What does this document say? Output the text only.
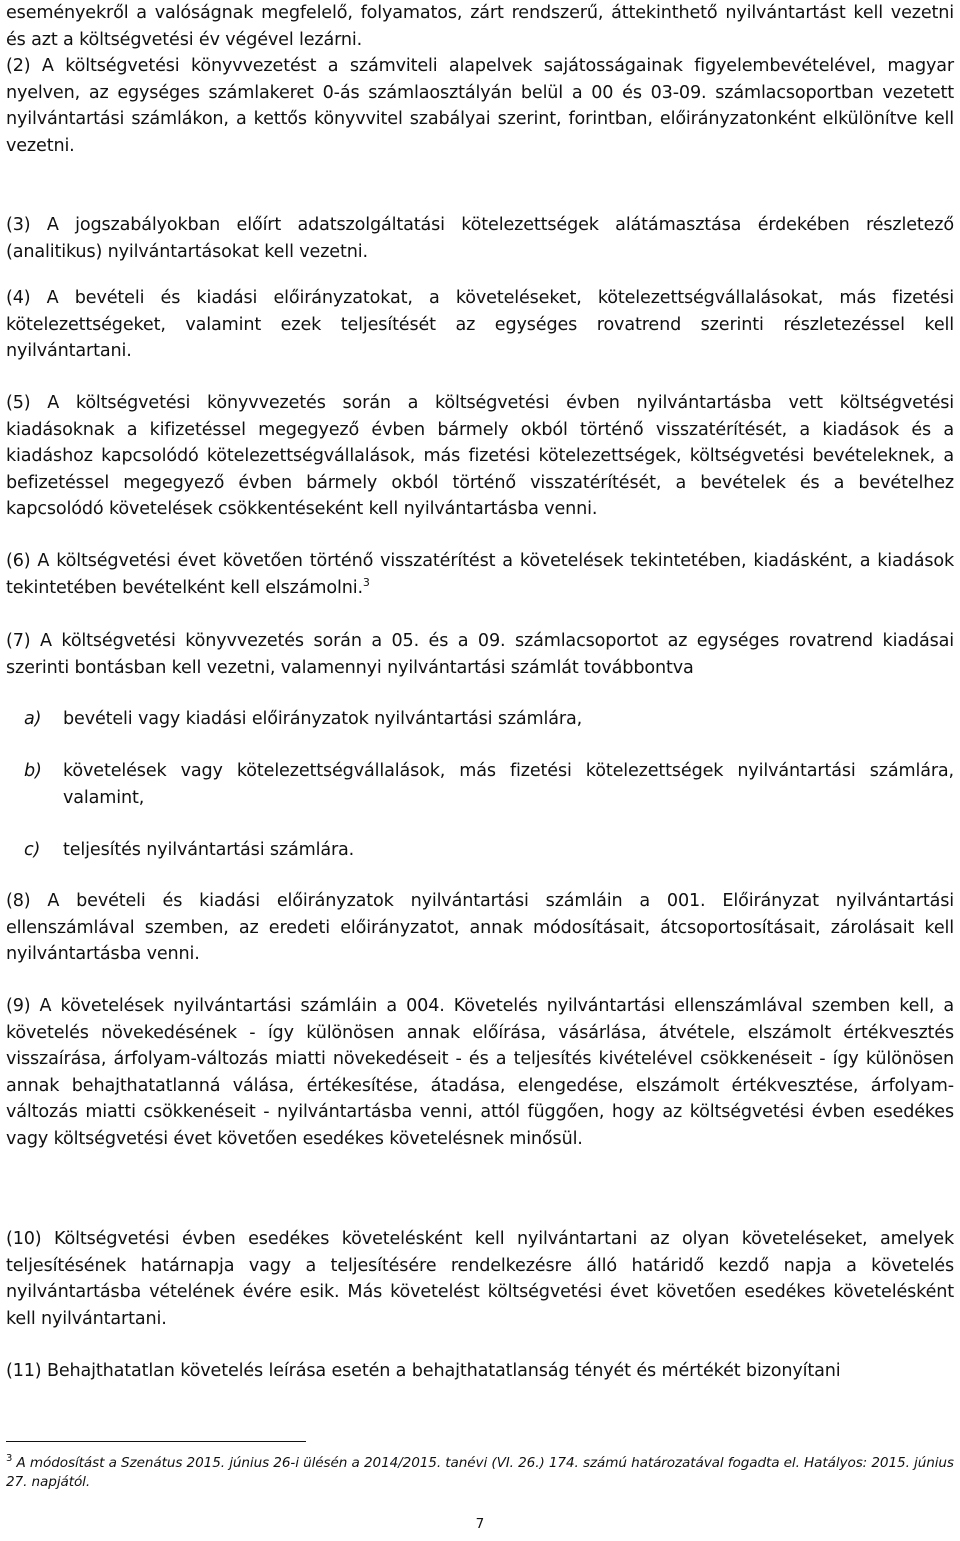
eseményekről a valóságnak megfelelő, folyamatos, zárt rendszerű, áttekinthető nyilvántartást kell vezetni és azt a költségvetési év végével lezárni.

(2) A költségvetési könyvvezetést a számviteli alapelvek sajátosságainak figyelembevételével, magyar nyelven, az egységes számlakeret 0-ás számlaosztályán belül a 00 és 03-09. számlacsoportban vezetett nyilvántartási számlákon, a kettős könyvvitel szabályai szerint, forintban, előirányzatonként elkülönítve kell vezetni.

(3) A jogszabályokban előírt adatszolgáltatási kötelezettségek alátámasztása érdekében részletező (analitikus) nyilvántartásokat kell vezetni.

(4) A bevételi és kiadási előirányzatokat, a követeléseket, kötelezettségvállalásokat, más fizetési kötelezettségeket, valamint ezek teljesítését az egységes rovatrend szerinti részletezéssel kell nyilvántartani.

(5) A költségvetési könyvvezetés során a költségvetési évben nyilvántartásba vett költségvetési kiadásoknak a kifizetéssel megegyező évben bármely okból történő visszatérítését, a kiadások és a kiadáshoz kapcsolódó kötelezettségvállalások, más fizetési kötelezettségek, költségvetési bevételeknek, a befizetéssel megegyező évben bármely okból történő visszatérítését, a bevételek és a bevételhez kapcsolódó követelések csökkentéseként kell nyilvántartásba venni.

(6) A költségvetési évet követően történő visszatérítést a követelések tekintetében, kiadásként, a kiadások tekintetében bevételként kell elszámolni.$^3$

(7) A költségvetési könyvvezetés során a 05. és a 09. számlacsoportot az egységes rovatrend kiadásai szerinti bontásban kell vezetni, valamennyi nyilvántartási számlát továbbontva

a) bevételi vagy kiadási előirányzatok nyilvántartási számlára,
b) követelések vagy kötelezettségvállalások, más fizetési kötelezettségek nyilvántartási számlára, valamint,
c) teljesítés nyilvántartási számlára.

(8) A bevételi és kiadási előirányzatok nyilvántartási számláin a 001. Előirányzat nyilvántartási ellenszámlával szemben, az eredeti előirányzatot, annak módosításait, átcsoportosításait, zárolásait kell nyilvántartásba venni.

(9) A követelések nyilvántartási számláin a 004. Követelés nyilvántartási ellenszámlával szemben kell, a követelés növekedésének - így különösen annak előírása, vásárlása, átvétele, elszámolt értékvesztés visszaírása, árfolyam-változás miatti növekedéseit - és a teljesítés kivételével csökkenéseit - így különösen annak behajthatatlanná válása, értékesítése, átadása, elengedése, elszámolt értékvesztése, árfolyam-változás miatti csökkenéseit - nyilvántartásba venni, attól függően, hogy az költségvetési évben esedékes vagy költségvetési évet követően esedékes követelésnek minősül.

(10) Költségvetési évben esedékes követelésként kell nyilvántartani az olyan követeléseket, amelyek teljesítésének határnapja vagy a teljesítésére rendelkezésre álló határidő kezdő napja a követelés nyilvántartásba vételének évére esik. Más követelést költségvetési évet követően esedékes követelésként kell nyilvántartani.

(11) Behajthatatlan követelés leírása esetén a behajthatatlanság tényét és mértékét bizonyítani

$^3$ A módosítást a Szenátus 2015. június 26-i ülésén a 2014/2015. tanévi (VI. 26.) 174. számú határozatával fogadta el. Hatályos: 2015. június 27. napjától.
7
